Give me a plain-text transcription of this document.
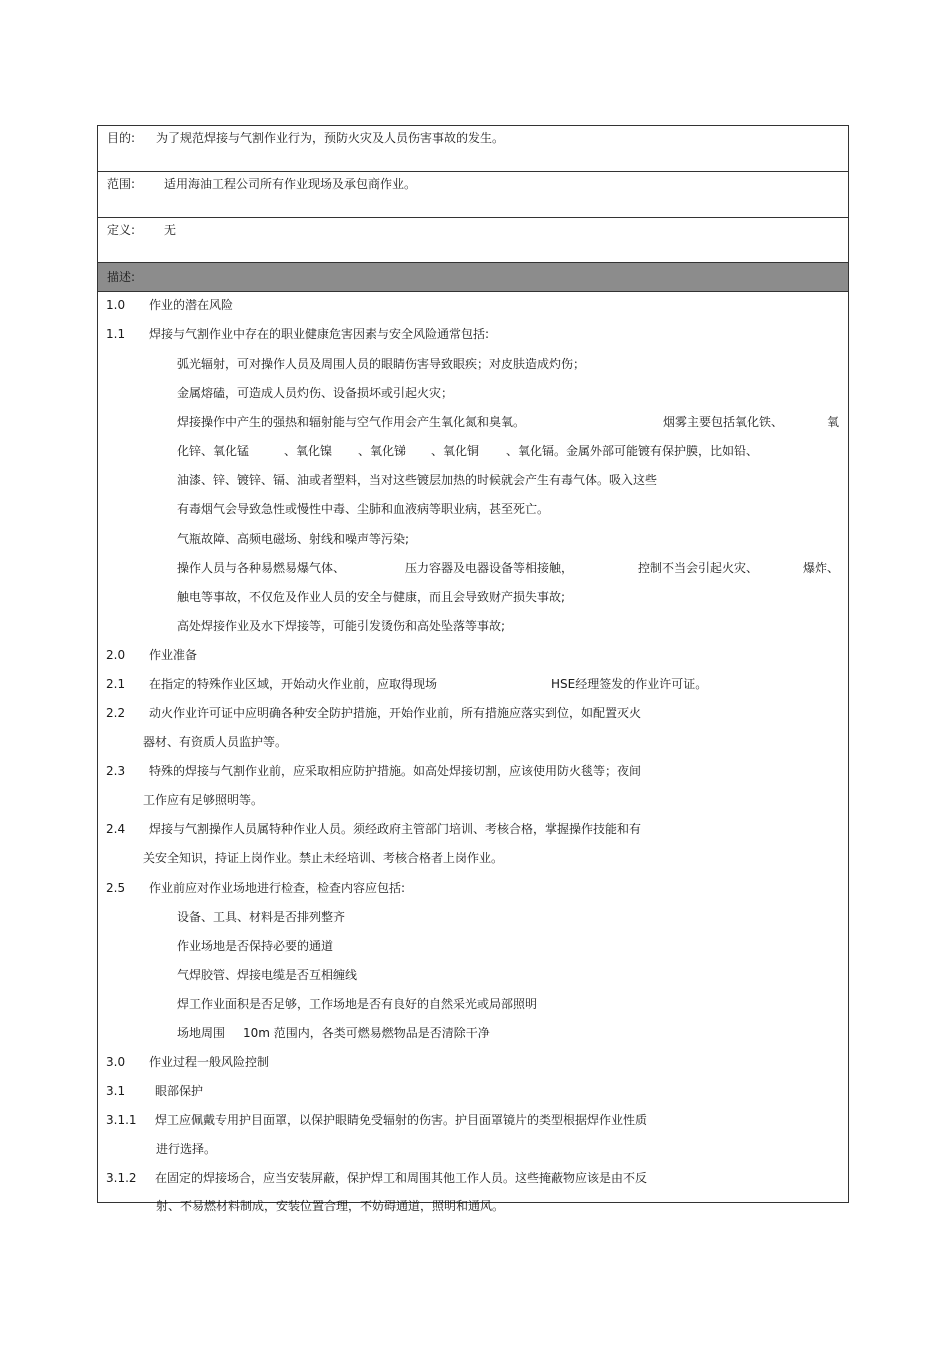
目的: 为了规范焊接与气割作业行为，预防火灾及人员伤害事故的发生。
范围: 适用海油工程公司所有作业现场及承包商作业。
定义: 无
描述:
1.0 作业的潜在风险
1.1 焊接与气割作业中存在的职业健康危害因素与安全风险通常包括:
弧光辐射，可对操作人员及周围人员的眼睛伤害导致眼疾；对皮肤造成灼伤；
金属熔磕，可造成人员灼伤、设备损坏或引起火灾；
焊接操作中产生的强热和辐射能与空气作用会产生氧化氮和臭氧。	烟雾主要包括氧化铁、	氧
化锌、氧化锰	、氧化镍 、氧化锑 、氧化铜 、氧化镉。金属外部可能镀有保护膜，比如铅、
油漆、锌、镀锌、镉、油或者塑料，当对这些镀层加热的时候就会产生有毒气体。吸入这些
有毒烟气会导致急性或慢性中毒、尘肺和血液病等职业病，甚至死亡。
气瓶故障、高频电磁场、射线和噪声等污染;
操作人员与各种易燃易爆气体、	压力容器及电器设备等相接触，	控制不当会引起火灾、	爆炸、
触电等事故，不仅危及作业人员的安全与健康，而且会导致财产损失事故;
高处焊接作业及水下焊接等，可能引发烫伤和高处坠落等事故;
2.0 作业准备
2.1 在指定的特殊作业区域，开始动火作业前，应取得现场	HSE经理签发的作业许可证。
2.2 动火作业许可证中应明确各种安全防护措施，开始作业前，所有措施应落实到位，如配置灭火
器材、有资质人员监护等。
2.3 特殊的焊接与气割作业前，应采取相应防护措施。如高处焊接切割，应该使用防火毯等；夜间
工作应有足够照明等。
2.4 焊接与气割操作人员属特种作业人员。须经政府主管部门培训、考核合格，掌握操作技能和有
关安全知识，持证上岗作业。禁止未经培训、考核合格者上岗作业。
2.5 作业前应对作业场地进行检查，检查内容应包括:
设备、工具、材料是否排列整齐
作业场地是否保持必要的通道
气焊胶管、焊接电缆是否互相缠线
焊工作业面积是否足够，工作场地是否有良好的自然采光或局部照明
场地周围 10m 范围内，各类可燃易燃物品是否清除干净
3.0 作业过程一般风险控制
3.1 眼部保护
3.1.1 焊工应佩戴专用护目面罩，以保护眼睛免受辐射的伤害。护目面罩镜片的类型根据焊作业性质
进行选择。
3.1.2 在固定的焊接场合，应当安装屏蔽，保护焊工和周围其他工作人员。这些掩蔽物应该是由不反
射、不易燃材料制成，安装位置合理，不妨碍通道，照明和通风。
